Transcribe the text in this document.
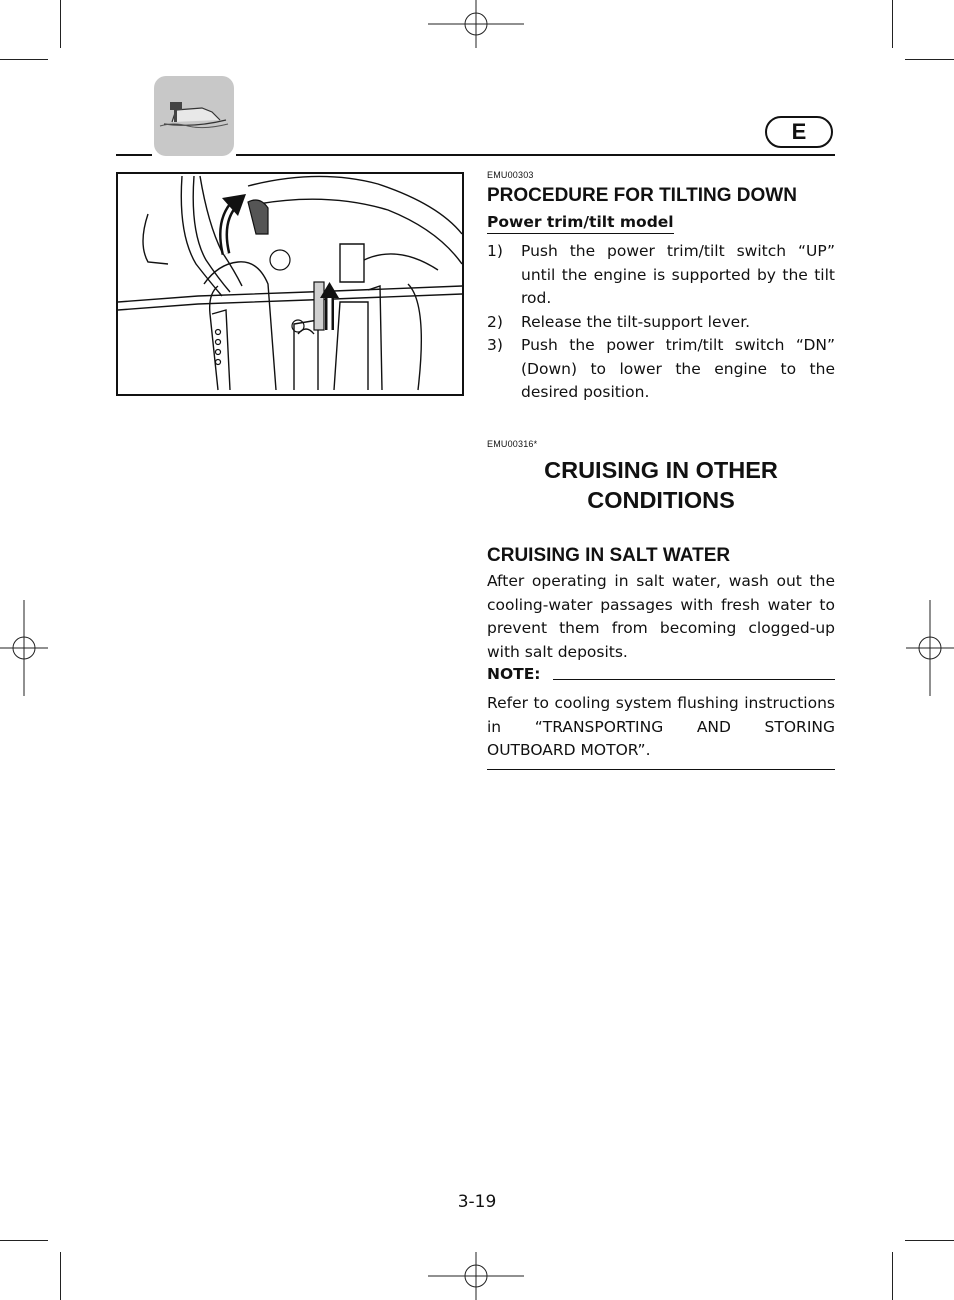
E
EMU00303
PROCEDURE FOR TILTING DOWN
Power trim/tilt model
1) Push the power trim/tilt switch “UP” until the engine is supported by the tilt rod.
2) Release the tilt-support lever.
3) Push the power trim/tilt switch “DN” (Down) to lower the engine to the desired position.
EMU00316*
CRUISING IN OTHER
CONDITIONS
CRUISING IN SALT WATER
After operating in salt water, wash out the cooling-water passages with fresh water to prevent them from becoming clogged-up with salt deposits.
NOTE:
Refer to cooling system flushing instructions in “TRANSPORTING AND STORING OUTBOARD MOTOR”.
3-19
